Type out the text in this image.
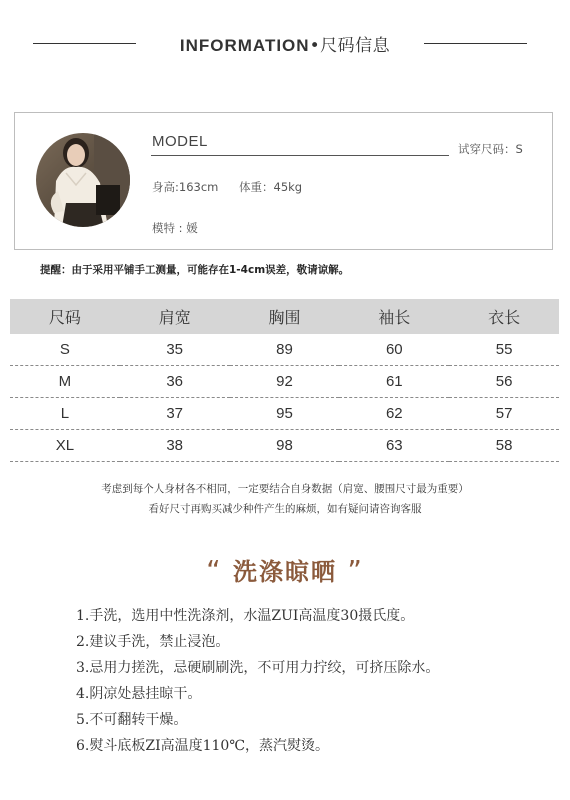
INFORMATION•尺码信息
MODEL	试穿尺码：S
身高:163cm 体重：45kg
模特 : 媛
提醒：由于采用平铺手工测量，可能存在1-4cm误差，敬请谅解。
尺码	肩宽	胸围	袖长	衣长
S	35	89	60	55
M	36	92	61	56
L	37	95	62	57
XL	38	98	63	58
考虑到每个人身材各不相同，一定要结合自身数据（肩宽、腰围尺寸最为重要）
看好尺寸再购买减少种件产生的麻烦，如有疑问请咨询客服
“ 洗涤晾晒 ”
1.手洗，选用中性洗涤剂，水温ZUI高温度30摄氏度。
2.建议手洗，禁止浸泡。
3.忌用力搓洗，忌硬刷刷洗，不可用力拧绞，可挤压除水。
4.阴凉处悬挂晾干。
5.不可翻转干燥。
6.熨斗底板ZI高温度110℃，蒸汽熨烫。
